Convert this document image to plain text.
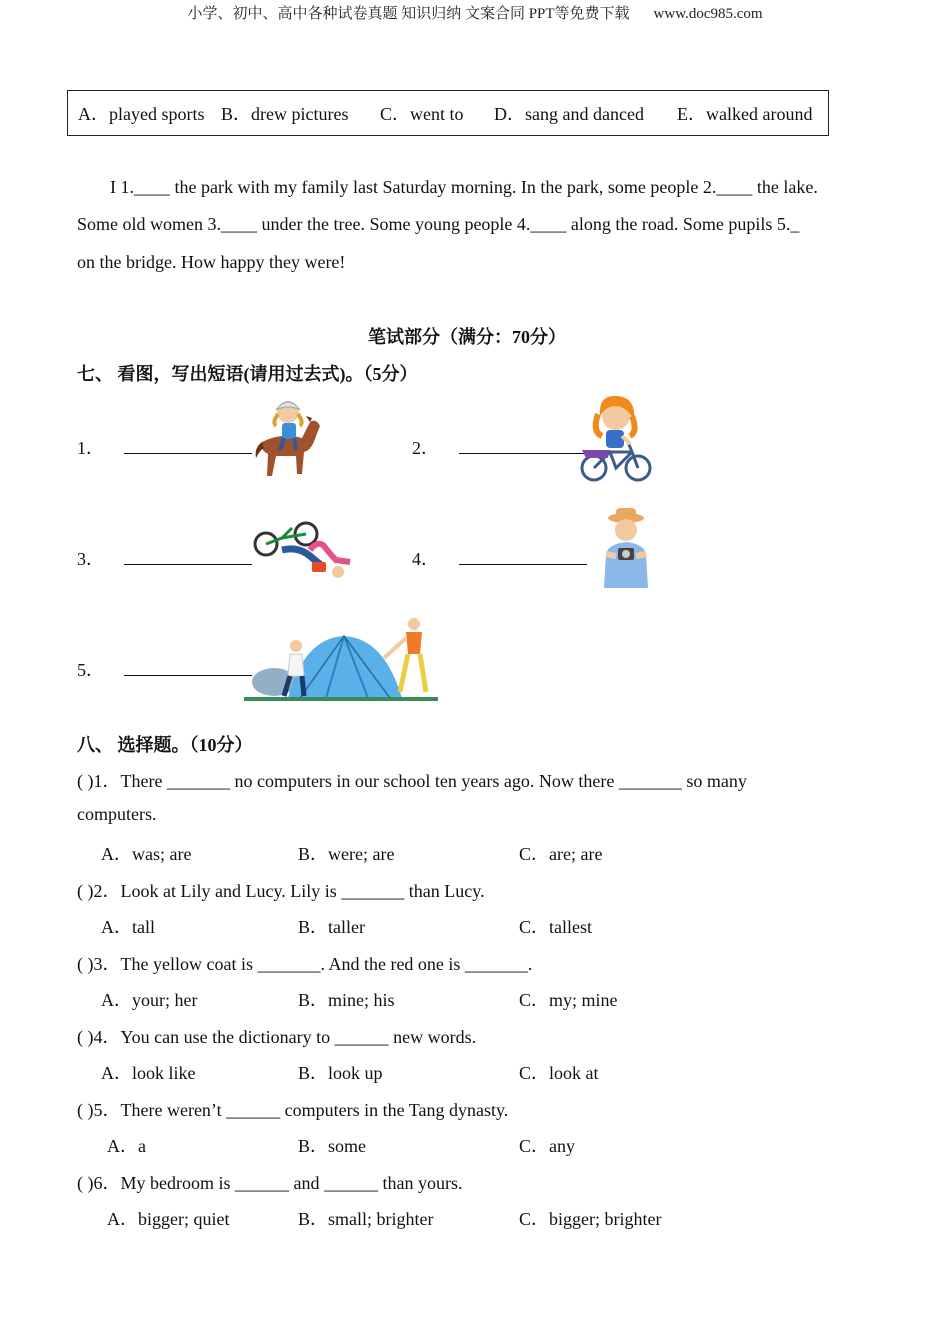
小学、初中、高中各种试卷真题 知识归纳 文案合同 PPT等免费下载 www.doc985.com
A．played sports B．drew pictures C．went to D．sang and danced E．walked around
I 1.____ the park with my family last Saturday morning. In the park, some people 2.____ the lake.
Some old women 3.____ under the tree. Some young people 4.____ along the road. Some pupils 5._
on the bridge. How happy they were!
笔试部分（满分：70分）
七、 看图，写出短语(请用过去式)。（5分）
1．	2．
3．	4．
5．
八、 选择题。（10分）
( )1．There _______ no computers in our school ten years ago. Now there _______ so many
computers.
A．was; are	B．were; are	C．are; are
( )2．Look at Lily and Lucy. Lily is _______ than Lucy.
A．tall	B．taller	C．tallest
( )3．The yellow coat is _______. And the red one is _______.
A．your; her	B．mine; his	C．my; mine
( )4．You can use the dictionary to ______ new words.
A．look like	B．look up	C．look at
( )5．There weren’t ______ computers in the Tang dynasty.
A．a	B．some	C．any
( )6．My bedroom is ______ and ______ than yours.
A．bigger; quiet	B．small; brighter	C．bigger; brighter
